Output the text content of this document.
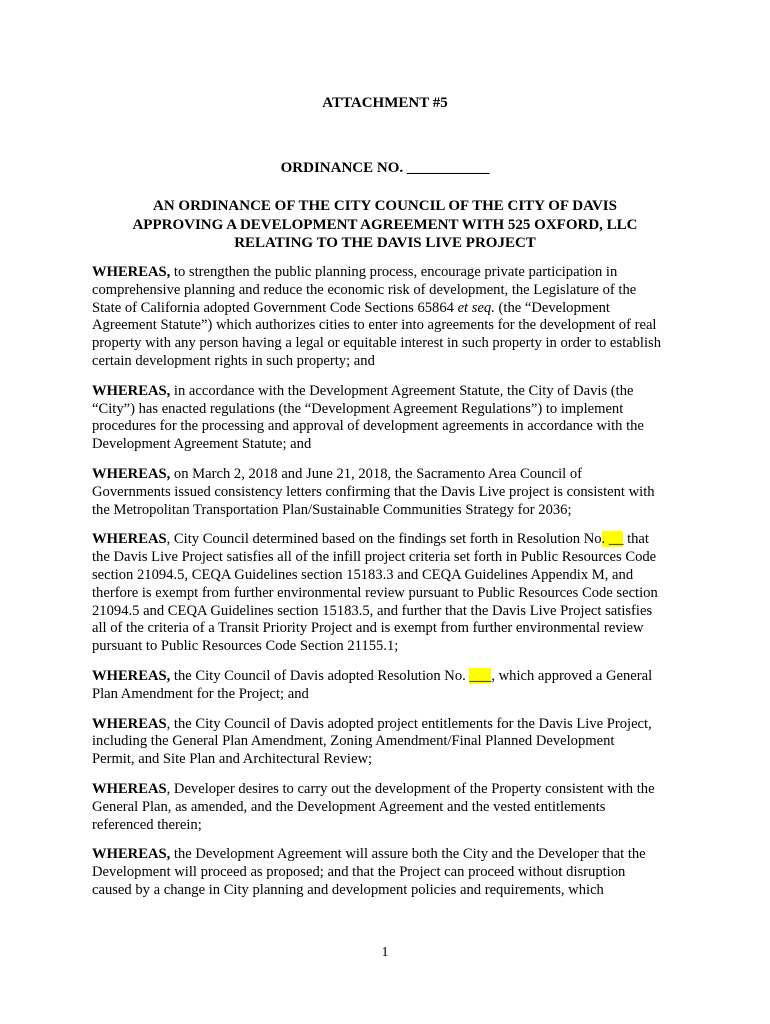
ATTACHMENT #5
ORDINANCE NO. ___________
AN ORDINANCE OF THE CITY COUNCIL OF THE CITY OF DAVIS
APPROVING A DEVELOPMENT AGREEMENT WITH 525 OXFORD, LLC
RELATING TO THE DAVIS LIVE PROJECT
WHEREAS, to strengthen the public planning process, encourage private participation in
comprehensive planning and reduce the economic risk of development, the Legislature of the
State of California adopted Government Code Sections 65864 et seq. (the “Development
Agreement Statute”) which authorizes cities to enter into agreements for the development of real
property with any person having a legal or equitable interest in such property in order to establish
certain development rights in such property; and
WHEREAS, in accordance with the Development Agreement Statute, the City of Davis (the
“City”) has enacted regulations (the “Development Agreement Regulations”) to implement
procedures for the processing and approval of development agreements in accordance with the
Development Agreement Statute; and
WHEREAS, on March 2, 2018 and June 21, 2018, the Sacramento Area Council of
Governments issued consistency letters confirming that the Davis Live project is consistent with
the Metropolitan Transportation Plan/Sustainable Communities Strategy for 2036;
WHEREAS, City Council determined based on the findings set forth in Resolution No. __ that
the Davis Live Project satisfies all of the infill project criteria set forth in Public Resources Code
section 21094.5, CEQA Guidelines section 15183.3 and CEQA Guidelines Appendix M, and
therfore is exempt from further environmental review pursuant to Public Resources Code section
21094.5 and CEQA Guidelines section 15183.5, and further that the Davis Live Project satisfies
all of the criteria of a Transit Priority Project and is exempt from further environmental review
pursuant to Public Resources Code Section 21155.1;
WHEREAS, the City Council of Davis adopted Resolution No. ___, which approved a General
Plan Amendment for the Project; and
WHEREAS, the City Council of Davis adopted project entitlements for the Davis Live Project,
including the General Plan Amendment, Zoning Amendment/Final Planned Development
Permit, and Site Plan and Architectural Review;
WHEREAS, Developer desires to carry out the development of the Property consistent with the
General Plan, as amended, and the Development Agreement and the vested entitlements
referenced therein;
WHEREAS, the Development Agreement will assure both the City and the Developer that the
Development will proceed as proposed; and that the Project can proceed without disruption
caused by a change in City planning and development policies and requirements, which
1
